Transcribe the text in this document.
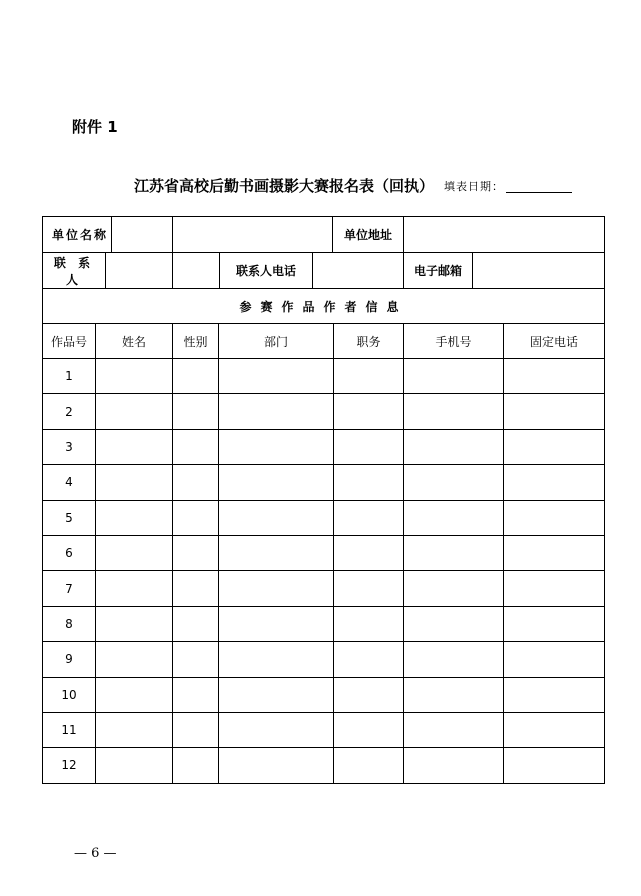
附件 1
江苏省高校后勤书画摄影大赛报名表（回执） 填表日期：
单位名称		单位地址				

联 系 人		联系人电话			电子邮箱	

参赛作品作者信息						
作品号	姓名	性别	部门	职务	手机号	固定电话
1						
2						
3						
4						
5						
6						
7						
8						
9						
10						
11						
12						
— 6 —
